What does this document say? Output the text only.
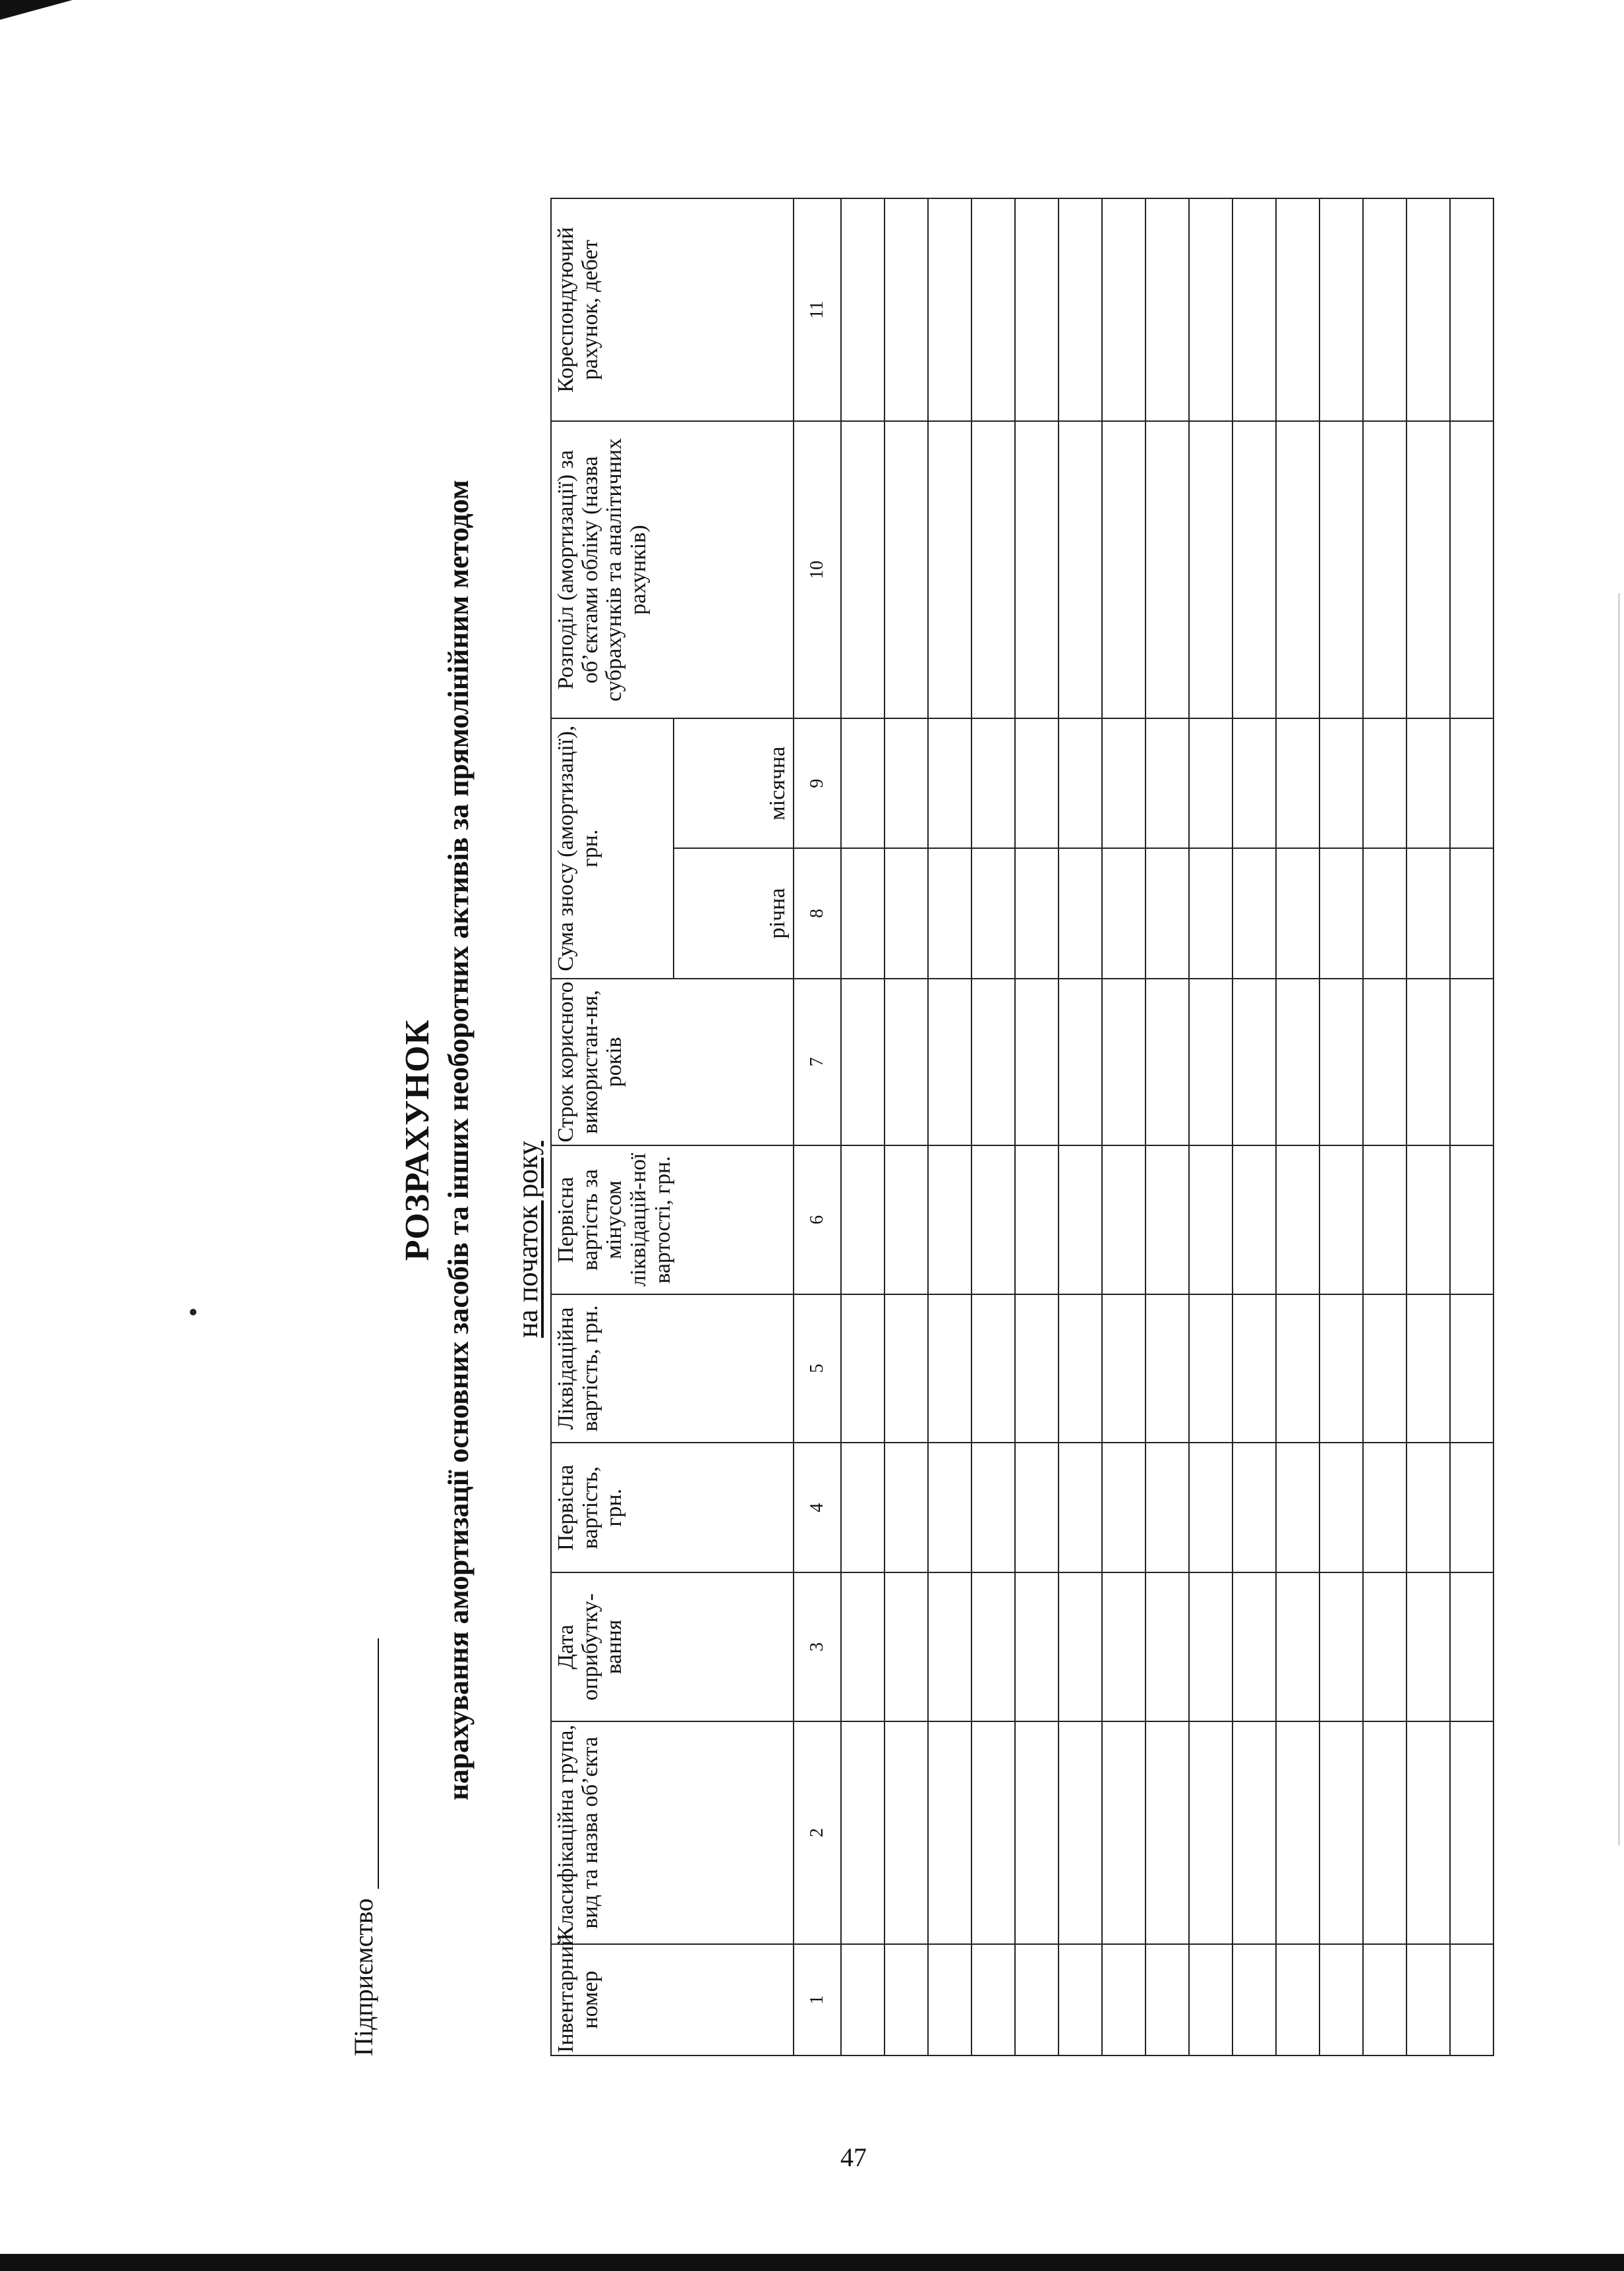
Підприємство
РОЗРАХУНОК нарахування амортизації основних засобів та інших необоротних активів за прямолінійним методом на початок року
Інвентарний номер	Класифікаційна група, вид та назва об’єкта	Дата оприбутку-вання	Первісна вартість, грн.	Ліквідаційна вартість, грн.	Первісна вартість за мінусом ліквідацій-ної вартості, грн.	Строк корисного використан-ня, років	Сума зносу (амортизації), грн.		Розподіл (амортизації) за об’єктами обліку (назва субрахунків та аналітичних рахунків)	Кореспондуючий рахунок, дебет
							річна	місячна		
1	2	3	4	5	6	7	8	9	10	11

47
